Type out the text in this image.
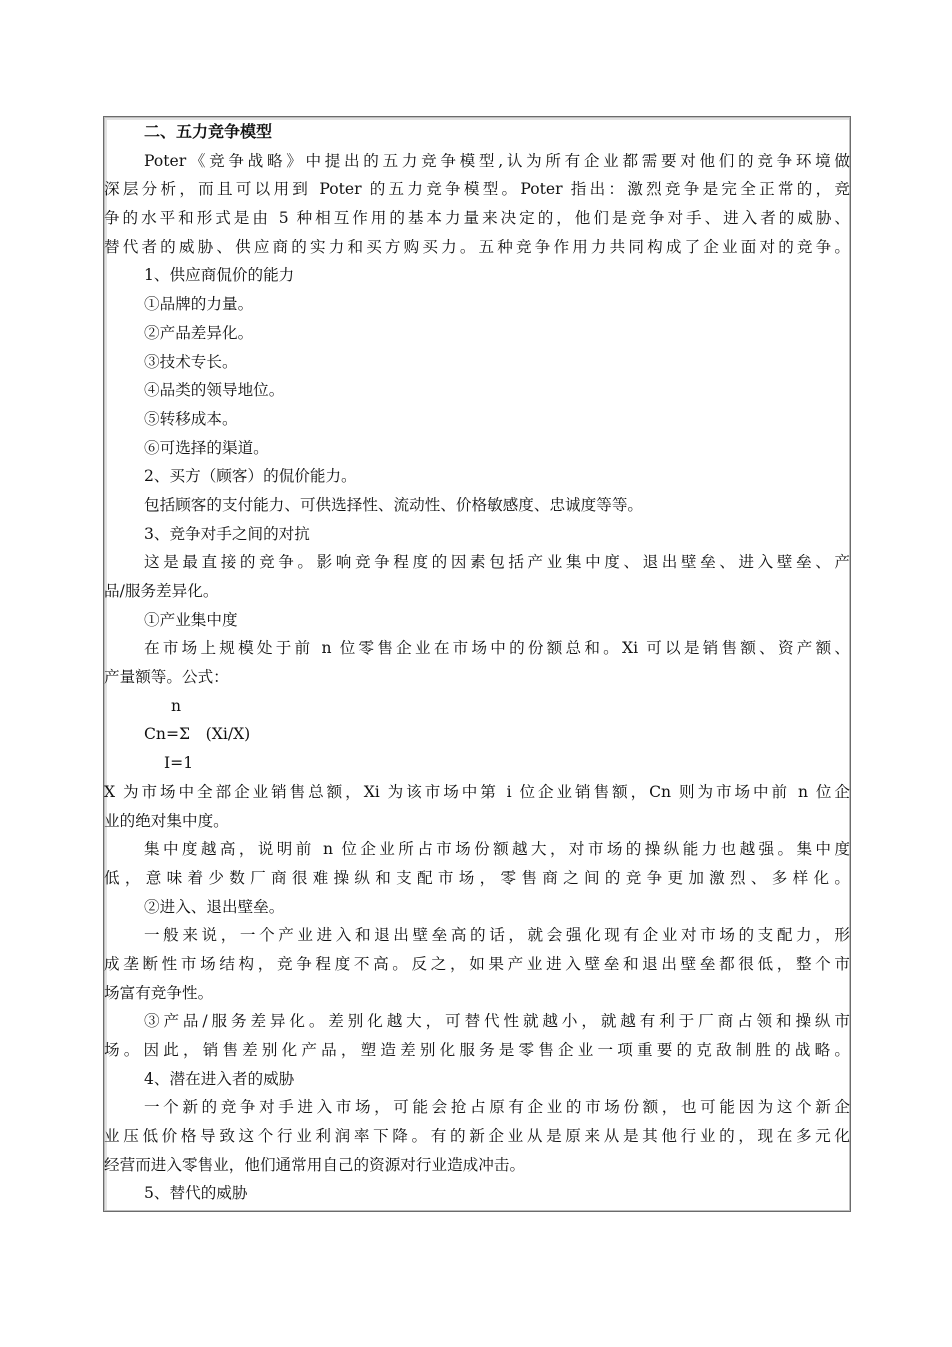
二、五力竞争模型
Poter《竞争战略》中提出的五力竞争模型,认为所有企业都需要对他们的竞争环境做
深层分析，而且可以用到 Poter 的五力竞争模型。Poter 指出：激烈竞争是完全正常的，竞
争的水平和形式是由 5 种相互作用的基本力量来决定的，他们是竞争对手、进入者的威胁、
替代者的威胁、供应商的实力和买方购买力。五种竞争作用力共同构成了企业面对的竞争。
1、供应商侃价的能力
①品牌的力量。
②产品差异化。
③技术专长。
④品类的领导地位。
⑤转移成本。
⑥可选择的渠道。
2、买方（顾客）的侃价能力。
包括顾客的支付能力、可供选择性、流动性、价格敏感度、忠诚度等等。
3、竞争对手之间的对抗
这是最直接的竞争。影响竞争程度的因素包括产业集中度、退出壁垒、进入壁垒、产
品/服务差异化。
①产业集中度
在市场上规模处于前 n 位零售企业在市场中的份额总和。Xi 可以是销售额、资产额、
产量额等。公式：
n
Cn=Σ　(Xi/X)
I=1
X 为市场中全部企业销售总额，Xi 为该市场中第 i 位企业销售额，Cn 则为市场中前 n 位企
业的绝对集中度。
集中度越高，说明前 n 位企业所占市场份额越大，对市场的操纵能力也越强。集中度
低，意味着少数厂商很难操纵和支配市场，零售商之间的竞争更加激烈、多样化。
②进入、退出壁垒。
一般来说，一个产业进入和退出壁垒高的话，就会强化现有企业对市场的支配力，形
成垄断性市场结构，竞争程度不高。反之，如果产业进入壁垒和退出壁垒都很低，整个市
场富有竞争性。
③产品/服务差异化。差别化越大，可替代性就越小，就越有利于厂商占领和操纵市
场。因此，销售差别化产品，塑造差别化服务是零售企业一项重要的克敌制胜的战略。
4、潜在进入者的威胁
一个新的竞争对手进入市场，可能会抢占原有企业的市场份额，也可能因为这个新企
业压低价格导致这个行业利润率下降。有的新企业从是原来从是其他行业的，现在多元化
经营而进入零售业，他们通常用自己的资源对行业造成冲击。
5、替代的威胁
